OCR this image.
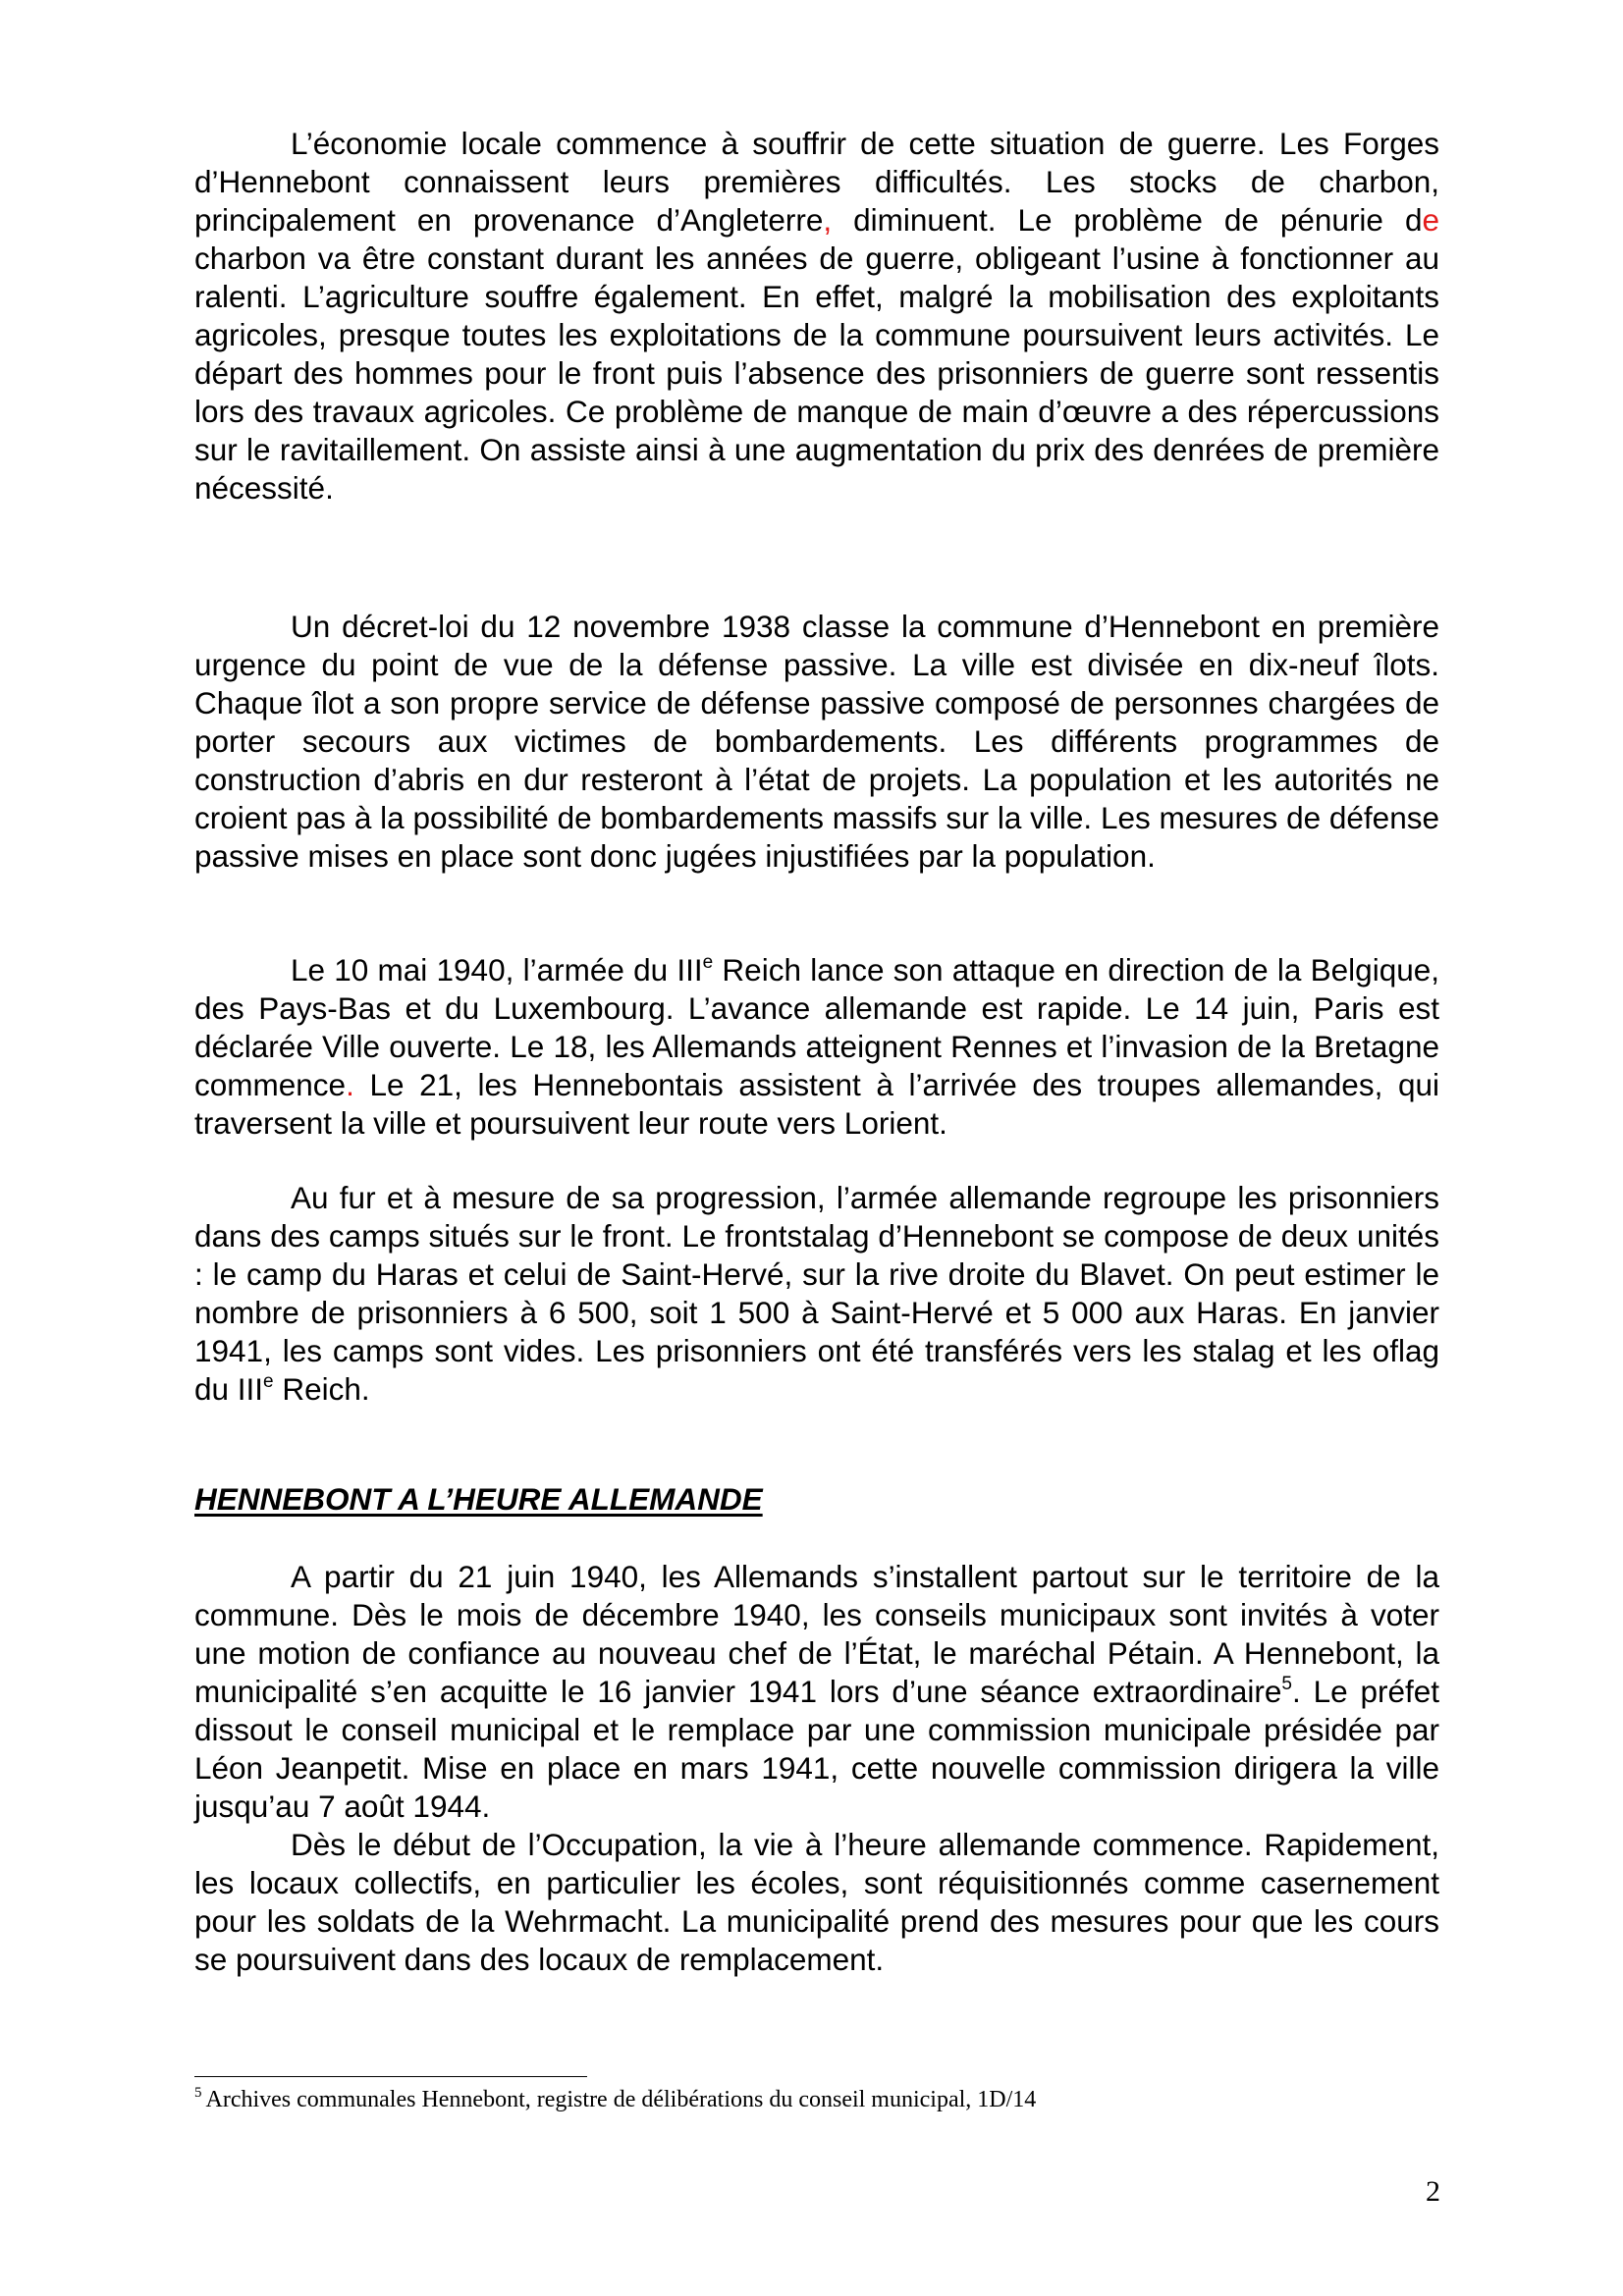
L’économie locale commence à souffrir de cette situation de guerre. Les Forges d’Hennebont connaissent leurs premières difficultés. Les stocks de charbon, principalement en provenance d’Angleterre, diminuent. Le problème de pénurie de charbon va être constant durant les années de guerre, obligeant l’usine à fonctionner au ralenti. L’agriculture souffre également. En effet, malgré la mobilisation des exploitants agricoles, presque toutes les exploitations de la commune poursuivent leurs activités. Le départ des hommes pour le front puis l’absence des prisonniers de guerre sont ressentis lors des travaux agricoles. Ce problème de manque de main d’œuvre a des répercussions sur le ravitaillement. On assiste ainsi à une augmentation du prix des denrées de première nécessité.

Un décret-loi du 12 novembre 1938 classe la commune d’Hennebont en première urgence du point de vue de la défense passive. La ville est divisée en dix-neuf îlots. Chaque îlot a son propre service de défense passive composé de personnes chargées de porter secours aux victimes de bombardements. Les différents programmes de construction d’abris en dur resteront à l’état de projets. La population et les autorités ne croient pas à la possibilité de bombardements massifs sur la ville. Les mesures de défense passive mises en place sont donc jugées injustifiées par la population.

Le 10 mai 1940, l’armée du IIIe Reich lance son attaque en direction de la Belgique, des Pays-Bas et du Luxembourg. L’avance allemande est rapide. Le 14 juin, Paris est déclarée Ville ouverte. Le 18, les Allemands atteignent Rennes et l’invasion de la Bretagne commence. Le 21, les Hennebontais assistent à l’arrivée des troupes allemandes, qui traversent la ville et poursuivent leur route vers Lorient.

Au fur et à mesure de sa progression, l’armée allemande regroupe les prisonniers dans des camps situés sur le front. Le frontstalag d’Hennebont se compose de deux unités : le camp du Haras et celui de Saint-Hervé, sur la rive droite du Blavet. On peut estimer le nombre de prisonniers à 6 500, soit 1 500 à Saint-Hervé et 5 000 aux Haras. En janvier 1941, les camps sont vides. Les prisonniers ont été transférés vers les stalag et les oflag du IIIe Reich.

HENNEBONT A L’HEURE ALLEMANDE

A partir du 21 juin 1940, les Allemands s’installent partout sur le territoire de la commune. Dès le mois de décembre 1940, les conseils municipaux sont invités à voter une motion de confiance au nouveau chef de l’État, le maréchal Pétain. A Hennebont, la municipalité s’en acquitte le 16 janvier 1941 lors d’une séance extraordinaire$^5$. Le préfet dissout le conseil municipal et le remplace par une commission municipale présidée par Léon Jeanpetit. Mise en place en mars 1941, cette nouvelle commission dirigera la ville jusqu’au 7 août 1944.

Dès le début de l’Occupation, la vie à l’heure allemande commence. Rapidement, les locaux collectifs, en particulier les écoles, sont réquisitionnés comme casernement pour les soldats de la Wehrmacht. La municipalité prend des mesures pour que les cours se poursuivent dans des locaux de remplacement.

$^5$ Archives communales Hennebont, registre de délibérations du conseil municipal, 1D/14
2
